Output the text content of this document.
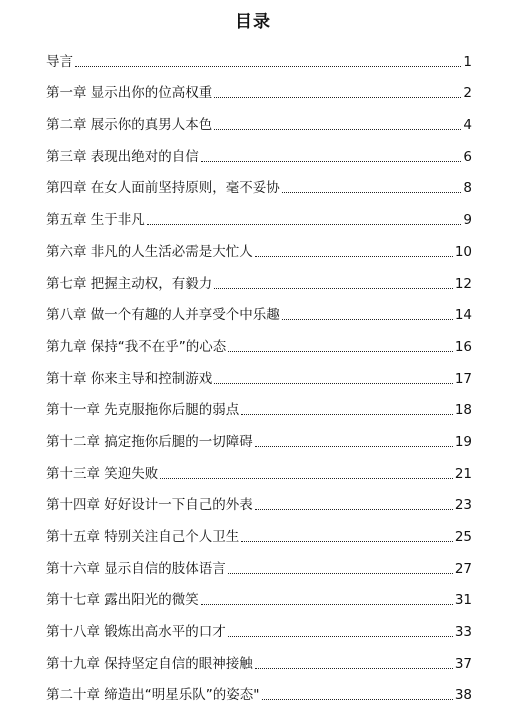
目录
导言	1
第一章 显示出你的位高权重	2
第二章 展示你的真男人本色	4
第三章 表现出绝对的自信	6
第四章 在女人面前坚持原则，毫不妥协	8
第五章 生于非凡	9
第六章 非凡的人生活必需是大忙人	10
第七章 把握主动权，有毅力	12
第八章 做一个有趣的人并享受个中乐趣	14
第九章 保持“我不在乎”的心态	16
第十章 你来主导和控制游戏	17
第十一章 先克服拖你后腿的弱点	18
第十二章 搞定拖你后腿的一切障碍	19
第十三章 笑迎失败	21
第十四章 好好设计一下自己的外表	23
第十五章 特别关注自己个人卫生	25
第十六章 显示自信的肢体语言	27
第十七章 露出阳光的微笑	31
第十八章 锻炼出高水平的口才	33
第十九章 保持坚定自信的眼神接触	37
第二十章 缔造出“明星乐队”的姿态"	38
